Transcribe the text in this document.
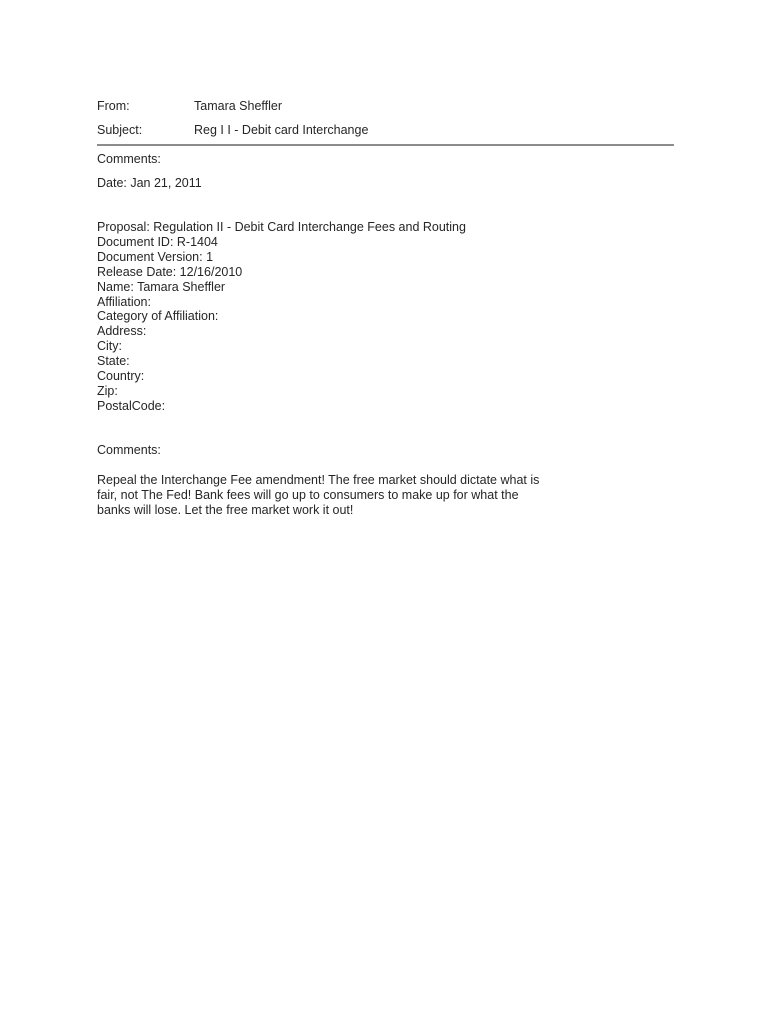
From:	Tamara Sheffler
Subject:	Reg I I - Debit card Interchange
Comments:
Date: Jan 21, 2011
Proposal: Regulation II - Debit Card Interchange Fees and Routing
Document ID: R-1404
Document Version: 1
Release Date: 12/16/2010
Name: Tamara Sheffler
Affiliation:
Category of Affiliation:
Address:
City:
State:
Country:
Zip:
PostalCode:
Comments:
Repeal the Interchange Fee amendment! The free market should dictate what is
fair, not The Fed! Bank fees will go up to consumers to make up for what the
banks will lose. Let the free market work it out!
